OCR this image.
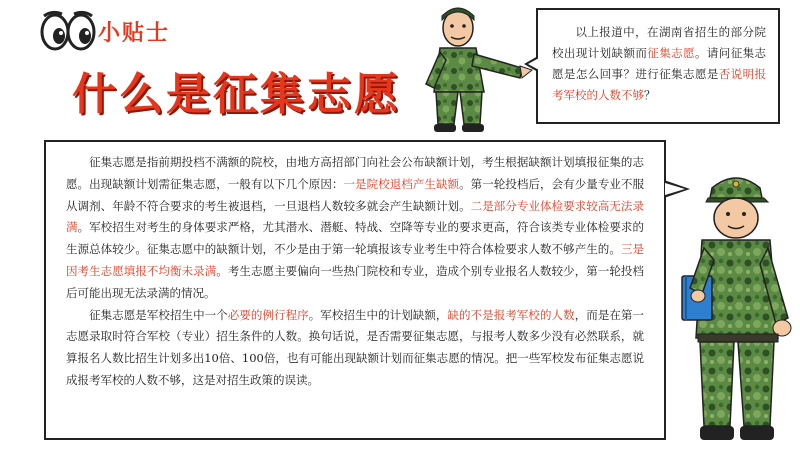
小贴士
什么是征集志愿
以上报道中，在湖南省招生的部分院校出现计划缺额而征集志愿。请问征集志愿是怎么回事？进行征集志愿是否说明报考军校的人数不够？

征集志愿是指前期投档不满额的院校，由地方高招部门向社会公布缺额计划，考生根据缺额计划填报征集的志愿。出现缺额计划需征集志愿，一般有以下几个原因：一是院校退档产生缺额。第一轮投档后，会有少量专业不服从调剂、年龄不符合要求的考生被退档，一旦退档人数较多就会产生缺额计划。二是部分专业体检要求较高无法录满。军校招生对考生的身体要求严格，尤其潜水、潜艇、特战、空降等专业的要求更高，符合该类专业体检要求的生源总体较少。征集志愿中的缺额计划，不少是由于第一轮填报该专业考生中符合体检要求人数不够产生的。三是因考生志愿填报不均衡未录满。考生志愿主要偏向一些热门院校和专业，造成个别专业报名人数较少，第一轮投档后可能出现无法录满的情况。

征集志愿是军校招生中一个必要的例行程序。军校招生中的计划缺额，缺的不是报考军校的人数，而是在第一志愿录取时符合军校（专业）招生条件的人数。换句话说，是否需要征集志愿，与报考人数多少没有必然联系，就算报名人数比招生计划多出10倍、100倍，也有可能出现缺额计划而征集志愿的情况。把一些军校发布征集志愿说成报考军校的人数不够，这是对招生政策的误读。
